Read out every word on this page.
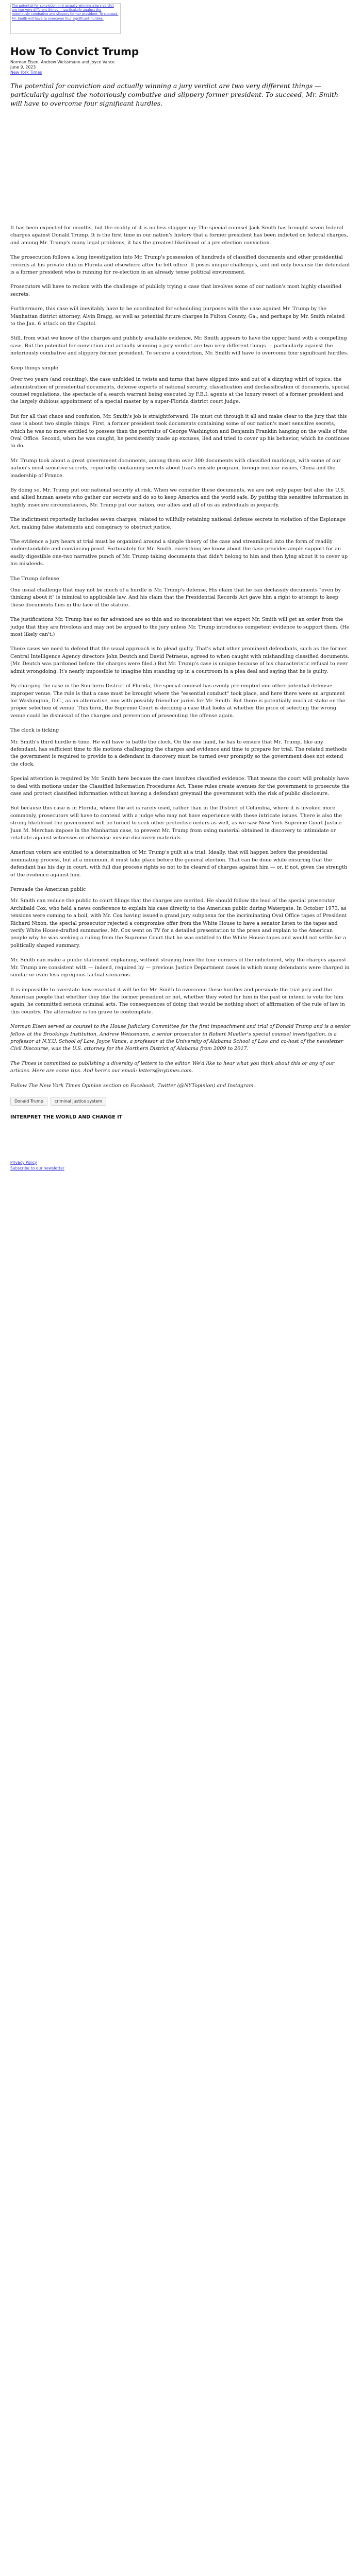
The potential for conviction and actually winning a jury verdict are two very different things — particularly against the notoriously combative and slippery former president. To succeed, Mr. Smith will have to overcome four significant hurdles.
How To Convict Trump
Norman Eisen, Andrew Weissmann and Joyce Vance
June 9, 2023
New York Times

The potential for conviction and actually winning a jury verdict are two very different things — particularly against the notoriously combative and slippery former president. To succeed, Mr. Smith will have to overcome four significant hurdles.

It has been expected for months, but the reality of it is no less staggering: The special counsel Jack Smith has brought seven federal charges against Donald Trump. It is the first time in our nation's history that a former president has been indicted on federal charges, and among Mr. Trump's many legal problems, it has the greatest likelihood of a pre-election conviction.

The prosecution follows a long investigation into Mr. Trump's possession of hundreds of classified documents and other presidential records at his private club in Florida and elsewhere after he left office. It poses unique challenges, and not only because the defendant is a former president who is running for re-election in an already tense political environment.

Prosecutors will have to reckon with the challenge of publicly trying a case that involves some of our nation's most highly classified secrets.

Furthermore, this case will inevitably have to be coordinated for scheduling purposes with the case against Mr. Trump by the Manhattan district attorney, Alvin Bragg, as well as potential future charges in Fulton County, Ga., and perhaps by Mr. Smith related to the Jan. 6 attack on the Capitol.

Still, from what we know of the charges and publicly available evidence, Mr. Smith appears to have the upper hand with a compelling case. But the potential for conviction and actually winning a jury verdict are two very different things — particularly against the notoriously combative and slippery former president. To secure a conviction, Mr. Smith will have to overcome four significant hurdles.

Keep things simple

Over two years (and counting), the case unfolded in twists and turns that have slipped into and out of a dizzying whirl of topics: the administration of presidential documents, defense experts of national security, classification and declassification of documents, special counsel regulations, the spectacle of a search warrant being executed by F.B.I. agents at the luxury resort of a former president and the largely dubious appointment of a special master by a super-Florida district court judge.

But for all that chaos and confusion, Mr. Smith's job is straightforward: He must cut through it all and make clear to the jury that this case is about two simple things: First, a former president took documents containing some of our nation's most sensitive secrets, which he was no more entitled to possess than the portraits of George Washington and Benjamin Franklin hanging on the walls of the Oval Office. Second, when he was caught, he persistently made up excuses, lied and tried to cover up his behavior, which he continues to do.

Mr. Trump took about a great government documents, among them over 300 documents with classified markings, with some of our nation's most sensitive secrets, reportedly containing secrets about Iran's missile program, foreign nuclear issues, China and the leadership of France.

By doing so, Mr. Trump put our national security at risk. When we consider these documents, we are not only paper but also the U.S. and allied human assets who gather our secrets and do so to keep America and the world safe. By putting this sensitive information in highly insecure circumstances, Mr. Trump put our nation, our allies and all of us as individuals in jeopardy.

The indictment reportedly includes seven charges, related to willfully retaining national defense secrets in violation of the Espionage Act, making false statements and conspiracy to obstruct justice.

The evidence a jury hears at trial must be organized around a simple theory of the case and streamlined into the form of readily understandable and convincing proof. Fortunately for Mr. Smith, everything we know about the case provides ample support for an easily digestible one-two narrative punch of Mr. Trump taking documents that didn't belong to him and then lying about it to cover up his misdeeds.

The Trump defense

One usual challenge that may not be much of a hurdle is Mr. Trump's defense, His claim that he can declassify documents "even by thinking about it" is inimical to applicable law. And his claim that the Presidential Records Act gave him a right to attempt to keep these documents flies in the face of the statute.

The justifications Mr. Trump has so far advanced are so thin and so inconsistent that we expect Mr. Smith will get an order from the judge that they are frivolous and may not be argued to the jury unless Mr. Trump introduces competent evidence to support them. (He most likely can't.)

There cases we need to defend that the usual approach is to plead guilty. That's what other prominent defendants, such as the former Central Intelligence Agency directors John Deutch and David Petraeus, agreed to when caught with mishandling classified documents. (Mr. Deutch was pardoned before the charges were filed.) But Mr. Trump's case is unique because of his characteristic refusal to ever admit wrongdoing. It's nearly impossible to imagine him standing up in a courtroom in a plea deal and saying that he is guilty.

By charging the case in the Southern District of Florida, the special counsel has evenly pre-empted one other potential defense: improper venue. The rule is that a case must be brought where the "essential conduct" took place, and here there were an argument for Washington, D.C., as an alternative, one with possibly friendlier juries for Mr. Smith. But there is potentially much at stake on the proper selection of venue. This term, the Supreme Court is deciding a case that looks at whether the price of selecting the wrong venue could be dismissal of the charges and prevention of prosecuting the offense again.

The clock is ticking

Mr. Smith's third hurdle is time. He will have to battle the clock. On the one hand, he has to ensure that Mr. Trump, like any defendant, has sufficient time to file motions challenging the charges and evidence and time to prepare for trial. The related methods the government is required to provide to a defendant in discovery must be turned over promptly so the government does not extend the clock.

Special attention is required by Mr. Smith here because the case involves classified evidence. That means the court will probably have to deal with motions under the Classified Information Procedures Act. These rules create avenues for the government to prosecute the case and protect classified information without having a defendant greymail the government with the risk of public disclosure.

But because this case is in Florida, where the act is rarely used, rather than in the District of Columbia, where it is invoked more commonly, prosecutors will have to contend with a judge who may not have experience with these intricate issues. There is also the strong likelihood the government will be forced to seek other protective orders as well, as we saw New York Supreme Court Justice Juan M. Merchan impose in the Manhattan case, to prevent Mr. Trump from using material obtained in discovery to intimidate or retaliate against witnesses or otherwise misuse discovery materials.

American voters are entitled to a determination of Mr. Trump's guilt at a trial. Ideally, that will happen before the presidential nominating process, but at a minimum, it must take place before the general election. That can be done while ensuring that the defendant has his day in court, with full due process rights so not to be cleared of charges against him — or, if not, given the strength of the evidence against him.

Persuade the American public

Mr. Smith can reduce the public to court filings that the charges are merited. He should follow the lead of the special prosecutor Archibald Cox, who held a news conference to explain his case directly to the American public during Watergate. In October 1973, as tensions were coming to a boil, with Mr. Cox having issued a grand jury subpoena for the incriminating Oval Office tapes of President Richard Nixon, the special prosecutor rejected a compromise offer from the White House to have a senator listen to the tapes and verify White House-drafted summaries. Mr. Cox went on TV for a detailed presentation to the press and explain to the American people why he was seeking a ruling from the Supreme Court that he was entitled to the White House tapes and would not settle for a politically shaped summary.

Mr. Smith can make a public statement explaining, without straying from the four corners of the indictment, why the charges against Mr. Trump are consistent with — indeed, required by — previous Justice Department cases in which many defendants were charged in similar or even less egregious factual scenarios.

It is impossible to overstate how essential it will be for Mr. Smith to overcome these hurdles and persuade the trial jury and the American people that whether they like the former president or not, whether they voted for him in the past or intend to vote for him again, he committed serious criminal acts. The consequences of doing that would be nothing short of affirmation of the rule of law in this country. The alternative is too grave to contemplate.

Norman Eisen served as counsel to the House Judiciary Committee for the first impeachment and trial of Donald Trump and is a senior fellow at the Brookings Institution. Andrew Weissmann, a senior prosecutor in Robert Mueller's special counsel investigation, is a professor at N.Y.U. School of Law. Joyce Vance, a professor at the University of Alabama School of Law and co-host of the newsletter Civil Discourse, was the U.S. attorney for the Northern District of Alabama from 2009 to 2017.

The Times is committed to publishing a diversity of letters to the editor. We'd like to hear what you think about this or any of our articles. Here are some tips. And here's our email: letters@nytimes.com.

Follow The New York Times Opinion section on Facebook, Twitter (@NYTopinion) and Instagram.

Donald Trump	criminal justice system
INTERPRET THE WORLD AND CHANGE IT
Privacy Policy
Subscribe to our newsletter
